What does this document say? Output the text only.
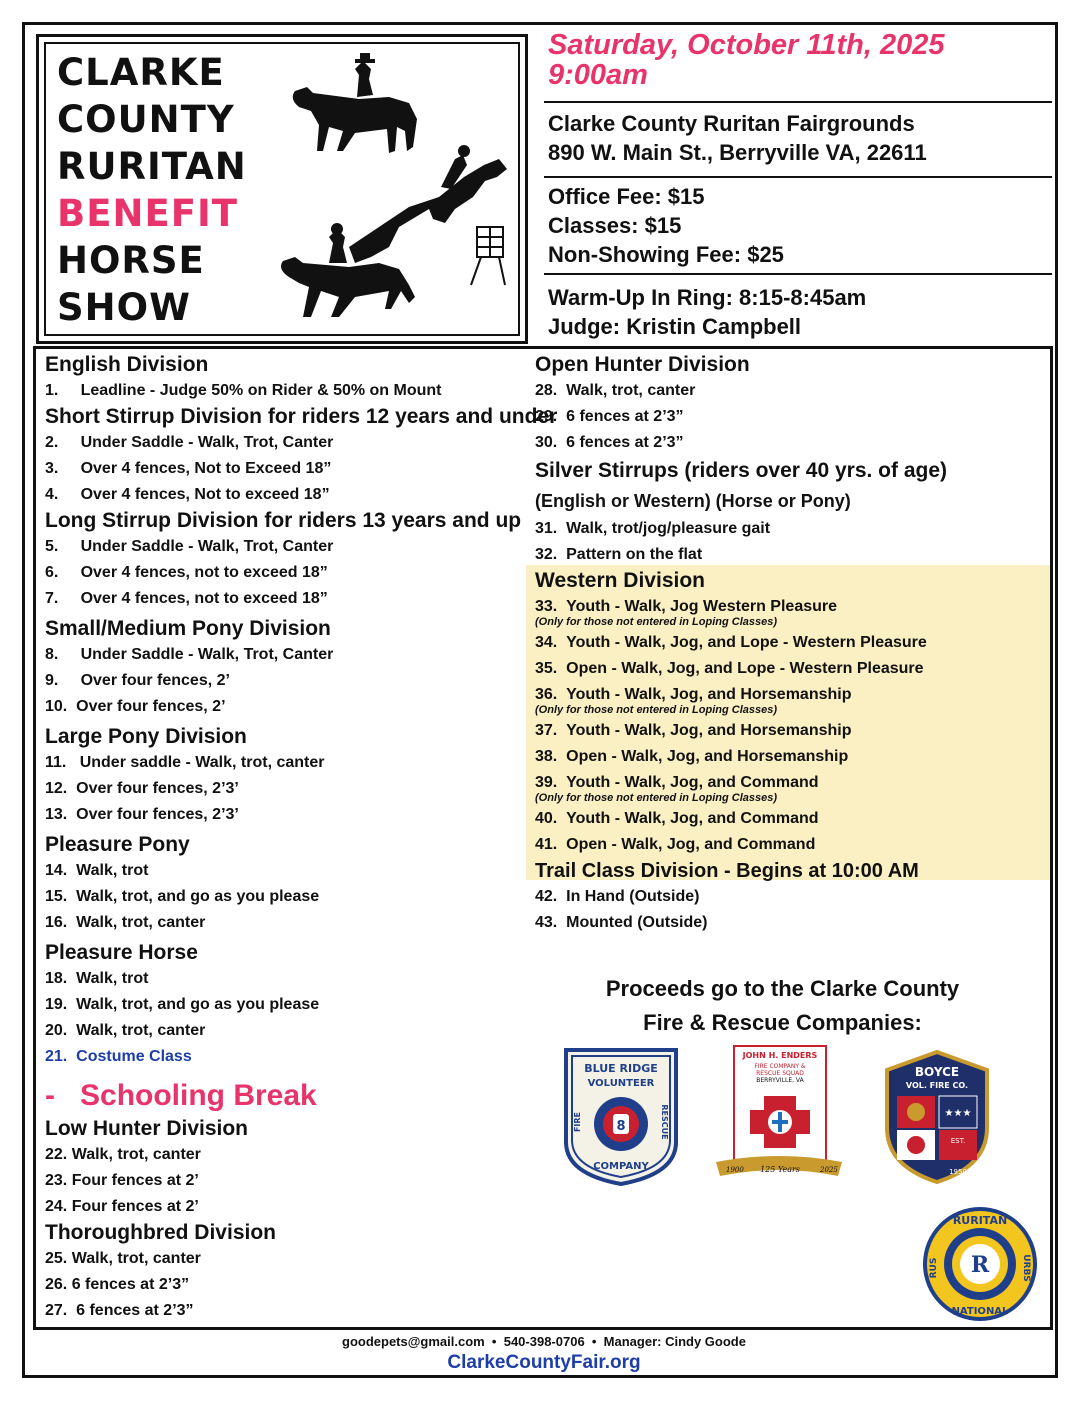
CLARKE
COUNTY
RURITAN
BENEFIT
HORSE
SHOW
Saturday, October 11th, 2025
9:00am
Clarke County Ruritan Fairgrounds
890 W. Main St., Berryville VA, 22611
Office Fee: $15
Classes: $15
Non-Showing Fee: $25
Warm-Up In Ring: 8:15-8:45am
Judge: Kristin Campbell
English Division
1.     Leadline - Judge 50% on Rider & 50% on Mount
Short Stirrup Division for riders 12 years and under
2.     Under Saddle - Walk, Trot, Canter
3.     Over 4 fences, Not to Exceed 18”
4.     Over 4 fences, Not to exceed 18”
Long Stirrup Division for riders 13 years and up
5.     Under Saddle - Walk, Trot, Canter
6.     Over 4 fences, not to exceed 18”
7.     Over 4 fences, not to exceed 18”
Small/Medium Pony Division
8.     Under Saddle - Walk, Trot, Canter
9.     Over four fences, 2’
10.  Over four fences, 2’
Large Pony Division
11.   Under saddle - Walk, trot, canter
12.  Over four fences, 2’3’
13.  Over four fences, 2’3’
Pleasure Pony
14.  Walk, trot
15.  Walk, trot, and go as you please
16.  Walk, trot, canter
Pleasure Horse
18.  Walk, trot
19.  Walk, trot, and go as you please
20.  Walk, trot, canter
21.  Costume Class
-   Schooling Break
Low Hunter Division
22. Walk, trot, canter
23. Four fences at 2’
24. Four fences at 2’
Thoroughbred Division
25. Walk, trot, canter
26. 6 fences at 2’3”
27.  6 fences at 2’3”
Open Hunter Division
28.  Walk, trot, canter
29.  6 fences at 2’3”
30.  6 fences at 2’3”
Silver Stirrups (riders over 40 yrs. of age)
(English or Western) (Horse or Pony)
31.  Walk, trot/jog/pleasure gait
32.  Pattern on the flat
Western Division
33.  Youth - Walk, Jog Western Pleasure
(Only for those not entered in Loping Classes)
34.  Youth - Walk, Jog, and Lope - Western Pleasure
35.  Open - Walk, Jog, and Lope - Western Pleasure
36.  Youth - Walk, Jog, and Horsemanship
(Only for those not entered in Loping Classes)
37.  Youth - Walk, Jog, and Horsemanship
38.  Open - Walk, Jog, and Horsemanship
39.  Youth - Walk, Jog, and Command
(Only for those not entered in Loping Classes)
40.  Youth - Walk, Jog, and Command
41.  Open - Walk, Jog, and Command
Trail Class Division - Begins at 10:00 AM
42.  In Hand (Outside)
43.  Mounted (Outside)
Proceeds go to the Clarke County
Fire & Rescue Companies:
BLUE RIDGE
VOLUNTEER
FIRE	RESCUE
8
COMPANY
JOHN H. ENDERS
FIRE COMPANY &
RESCUE SQUAD
BERRYVILLE, VA
1900 125 Years	2025
BOYCE
VOL. FIRE CO.
★★★
EST.
1950
R
RURITAN
NATIONAL
RUS	URBS
goodepets@gmail.com  •  540-398-0706  •  Manager: Cindy Goode
ClarkeCountyFair.org
